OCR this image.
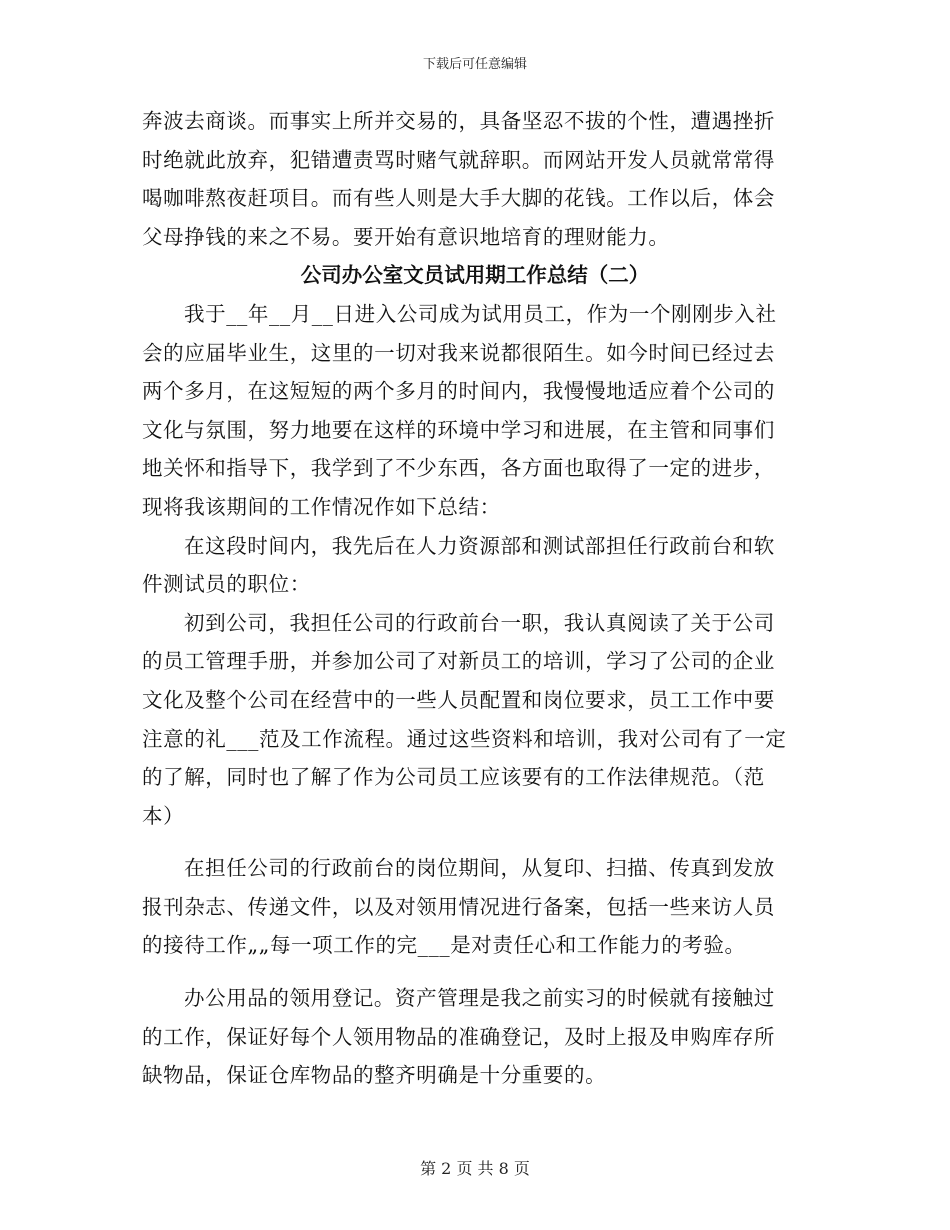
下载后可任意编辑
奔波去商谈。而事实上所并交易的，具备坚忍不拔的个性，遭遇挫折
时绝就此放弃，犯错遭责骂时赌气就辞职。而网站开发人员就常常得
喝咖啡熬夜赶项目。而有些人则是大手大脚的花钱。工作以后，体会
父母挣钱的来之不易。要开始有意识地培育的理财能力。
公司办公室文员试用期工作总结（二）
我于__年__月__日进入公司成为试用员工，作为一个刚刚步入社
会的应届毕业生，这里的一切对我来说都很陌生。如今时间已经过去
两个多月，在这短短的两个多月的时间内，我慢慢地适应着个公司的
文化与氛围，努力地要在这样的环境中学习和进展，在主管和同事们
地关怀和指导下，我学到了不少东西，各方面也取得了一定的进步，
现将我该期间的工作情况作如下总结：
在这段时间内，我先后在人力资源部和测试部担任行政前台和软
件测试员的职位：
初到公司，我担任公司的行政前台一职，我认真阅读了关于公司
的员工管理手册，并参加公司了对新员工的培训，学习了公司的企业
文化及整个公司在经营中的一些人员配置和岗位要求，员工工作中要
注意的礼___范及工作流程。通过这些资料和培训，我对公司有了一定
的了解，同时也了解了作为公司员工应该要有的工作法律规范。（范
本）
在担任公司的行政前台的岗位期间，从复印、扫描、传真到发放
报刊杂志、传递文件，以及对领用情况进行备案，包括一些来访人员
的接待工作„„每一项工作的完___是对责任心和工作能力的考验。
办公用品的领用登记。资产管理是我之前实习的时候就有接触过
的工作，保证好每个人领用物品的准确登记，及时上报及申购库存所
缺物品，保证仓库物品的整齐明确是十分重要的。
第 2 页 共 8 页
